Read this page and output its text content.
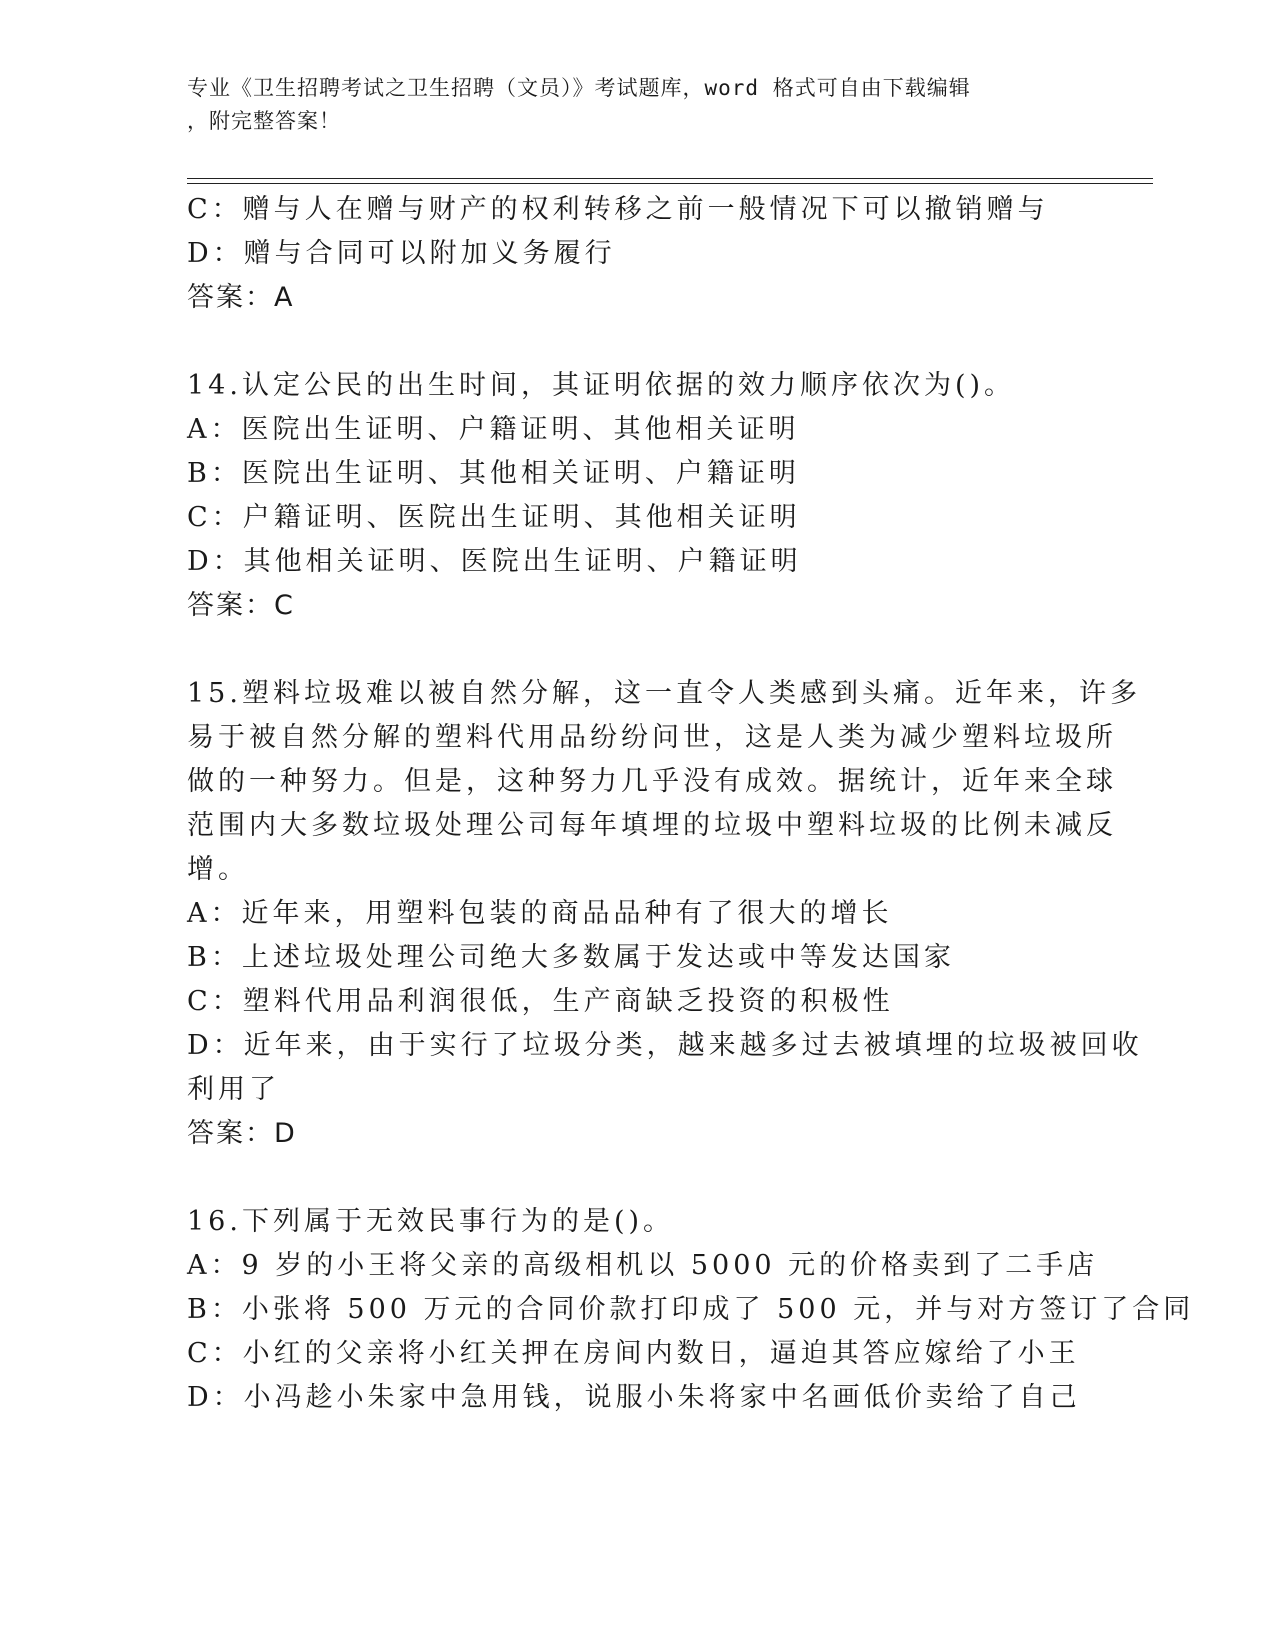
专业《卫生招聘考试之卫生招聘（文员）》考试题库，word 格式可自由下载编辑
，附完整答案！
C：赠与人在赠与财产的权利转移之前一般情况下可以撤销赠与
D：赠与合同可以附加义务履行
答案：A
14.认定公民的出生时间，其证明依据的效力顺序依次为()。
A：医院出生证明、户籍证明、其他相关证明
B：医院出生证明、其他相关证明、户籍证明
C：户籍证明、医院出生证明、其他相关证明
D：其他相关证明、医院出生证明、户籍证明
答案：C
15.塑料垃圾难以被自然分解，这一直令人类感到头痛。近年来，许多
易于被自然分解的塑料代用品纷纷问世，这是人类为减少塑料垃圾所
做的一种努力。但是，这种努力几乎没有成效。据统计，近年来全球
范围内大多数垃圾处理公司每年填埋的垃圾中塑料垃圾的比例未减反
增。
A：近年来，用塑料包装的商品品种有了很大的增长
B：上述垃圾处理公司绝大多数属于发达或中等发达国家
C：塑料代用品利润很低，生产商缺乏投资的积极性
D：近年来，由于实行了垃圾分类，越来越多过去被填埋的垃圾被回收
利用了
答案：D
16.下列属于无效民事行为的是()。
A：9 岁的小王将父亲的高级相机以 5000 元的价格卖到了二手店
B：小张将 500 万元的合同价款打印成了 500 元，并与对方签订了合同
C：小红的父亲将小红关押在房间内数日，逼迫其答应嫁给了小王
D：小冯趁小朱家中急用钱，说服小朱将家中名画低价卖给了自己
